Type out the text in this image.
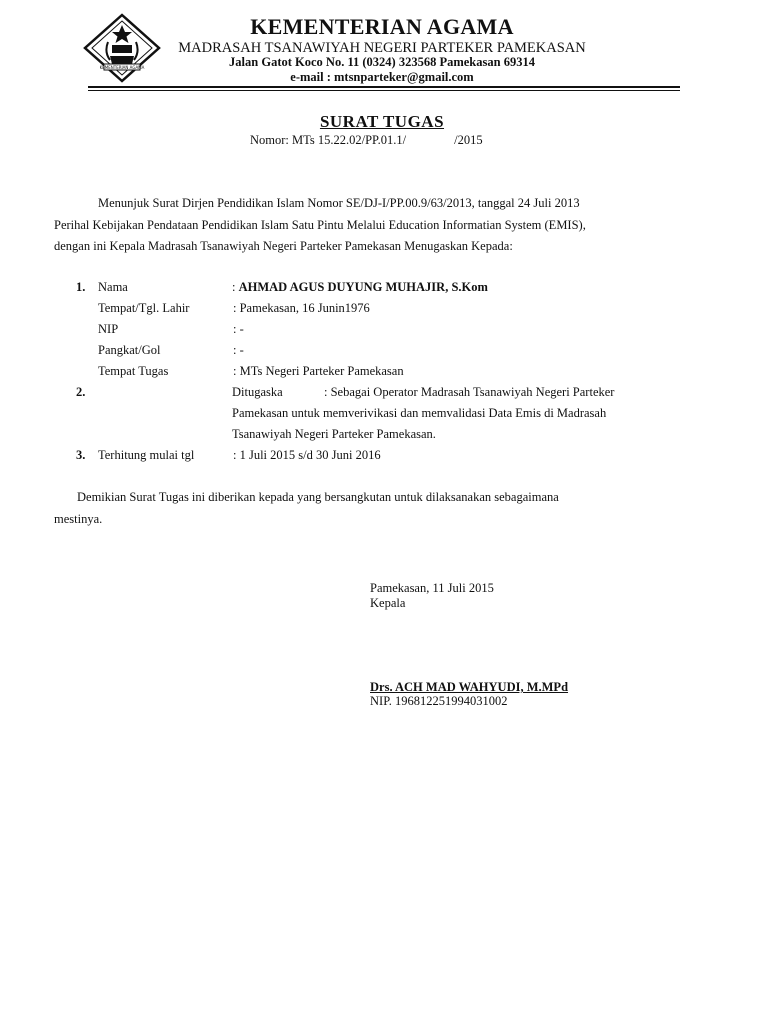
KEMENTERIAN AGAMA
KEMENTERIAN AGAMA
MADRASAH TSANAWIYAH NEGERI PARTEKER PAMEKASAN
Jalan Gatot Koco No. 11 (0324) 323568 Pamekasan 69314
e-mail : mtsnparteker@gmail.com
SURAT TUGAS
Nomor: MTs 15.22.02/PP.01.1/	/2015
Menunjuk Surat Dirjen Pendidikan Islam Nomor SE/DJ-I/PP.00.9/63/2013, tanggal 24 Juli 2013
Perihal Kebijakan Pendataan Pendidikan Islam Satu Pintu Melalui Education Informatian System (EMIS),
dengan ini Kepala Madrasah Tsanawiyah Negeri Parteker Pamekasan Menugaskan Kepada:
1. Nama	: AHMAD AGUS DUYUNG MUHAJIR, S.Kom
Tempat/Tgl. Lahir	: Pamekasan, 16 Junin1976
NIP	: -
Pangkat/Gol	: -
Tempat Tugas	: MTs Negeri Parteker Pamekasan
2.	Ditugaska	: Sebagai Operator Madrasah Tsanawiyah Negeri Parteker
Pamekasan untuk memverivikasi dan memvalidasi Data Emis di Madrasah
Tsanawiyah Negeri Parteker Pamekasan.
3. Terhitung mulai tgl	: 1 Juli 2015 s/d 30 Juni 2016
Demikian Surat Tugas ini diberikan kepada yang bersangkutan untuk dilaksanakan sebagaimana
mestinya.
Pamekasan, 11 Juli 2015
Kepala
Drs. ACH MAD WAHYUDI, M.MPd
NIP. 196812251994031002
